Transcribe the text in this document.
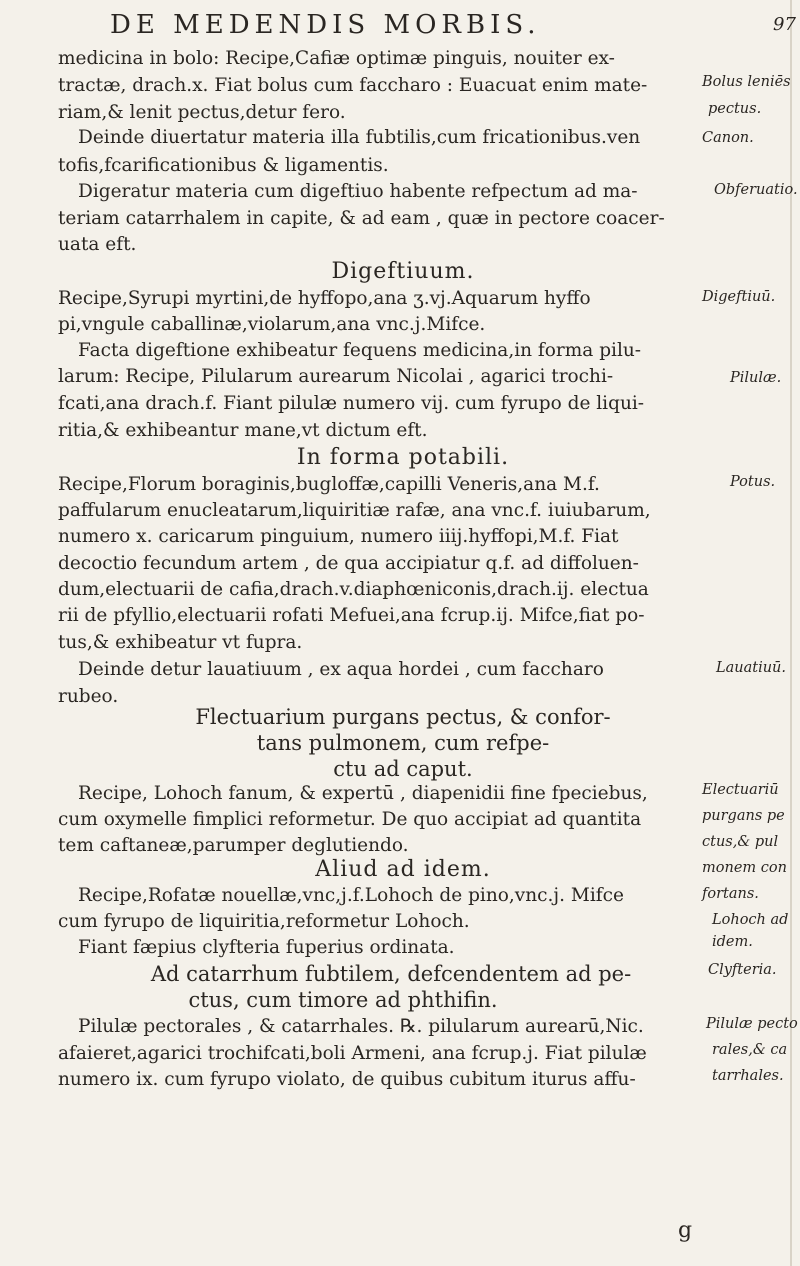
DE MEDENDIS MORBIS.	97
medicina in bolo: Recipe,Cafiæ optimæ pinguis, nouiter ex-
tractæ, drach.x. Fiat bolus cum faccharo : Euacuat enim mate-
riam,& lenit pectus,detur fero.
Deinde diuertatur materia illa fubtilis,cum fricationibus.ven
tofis,fcarificationibus & ligamentis.
Digeratur materia cum digeftiuo habente refpectum ad ma-
teriam catarrhalem in capite, & ad eam , quæ in pectore coacer-
uata eft.
Digeftiuum.
Recipe,Syrupi myrtini,de hyffopo,ana ʒ.vj.Aquarum hyffo
pi,vngule caballinæ,violarum,ana vnc.j.Mifce.
Facta digeftione exhibeatur fequens medicina,in forma pilu-
larum: Recipe, Pilularum aurearum Nicolai , agarici trochi-
fcati,ana drach.f. Fiant pilulæ numero vij. cum fyrupo de liqui-
ritia,& exhibeantur mane,vt dictum eft.
In forma potabili.
Recipe,Florum boraginis,bugloffæ,capilli Veneris,ana M.f.
paffularum enucleatarum,liquiritiæ rafæ, ana vnc.f. iuiubarum,
numero x. caricarum pinguium, numero iiij.hyffopi,M.f. Fiat
decoctio fecundum artem , de qua accipiatur q.f. ad diffoluen-
dum,electuarii de cafia,drach.v.diaphœniconis,drach.ij. electua
rii de pfyllio,electuarii rofati Mefuei,ana fcrup.ij. Mifce,fiat po-
tus,& exhibeatur vt fupra.
Deinde detur lauatiuum , ex aqua hordei , cum faccharo
rubeo.
Flectuarium purgans pectus, & confor-
tans pulmonem, cum refpe-
ctu ad caput.
Recipe, Lohoch fanum, & expertū , diapenidii fine fpeciebus,
cum oxymelle fimplici reformetur. De quo accipiat ad quantita
tem caftaneæ,parumper deglutiendo.
Aliud ad idem.
Recipe,Rofatæ nouellæ,vnc,j.f.Lohoch de pino,vnc.j. Mifce
cum fyrupo de liquiritia,reformetur Lohoch.
Fiant fæpius clyfteria fuperius ordinata.
Ad catarrhum fubtilem, defcendentem ad pe-
ctus, cum timore ad phthifin.
Pilulæ pectorales , & catarrhales. ℞. pilularum aurearū,Nic.
afaieret,agarici trochifcati,boli Armeni, ana fcrup.j. Fiat pilulæ
numero ix. cum fyrupo violato, de quibus cubitum iturus affu-
Bolus leniēs
pectus.
Canon.
Obferuatio.
Digeftiuū.
Pilulæ.
Potus.
Lauatiuū.
Electuariū
purgans pe
ctus,& pul
monem con
fortans.
Lohoch ad
idem.
Clyfteria.
Pilulæ pecto
rales,& ca
tarrhales.
g
